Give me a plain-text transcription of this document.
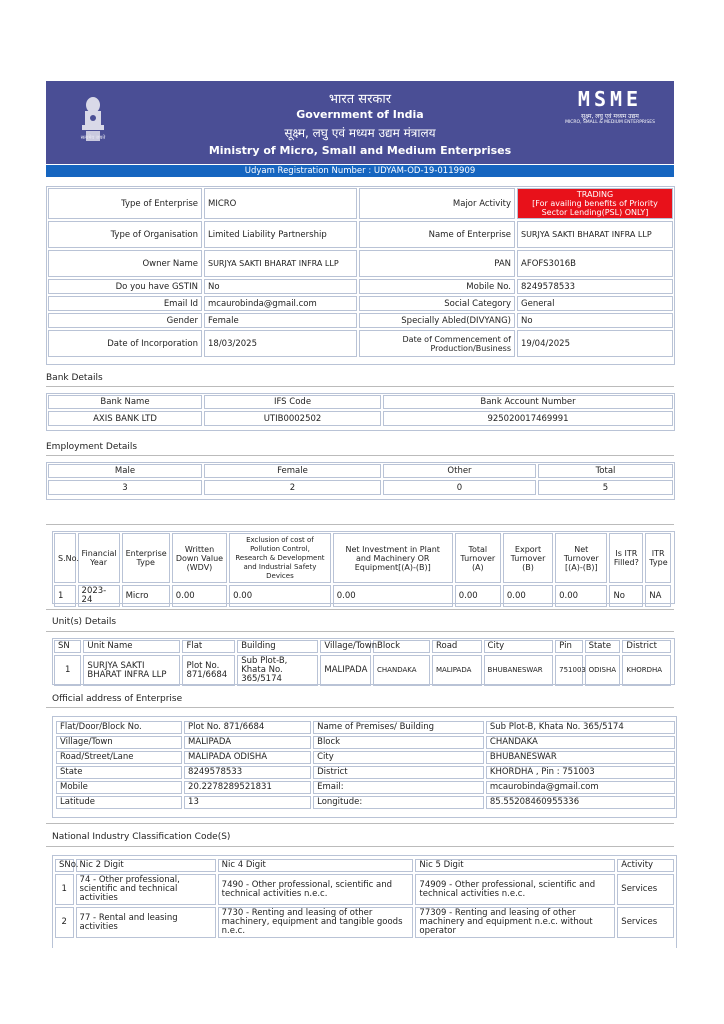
सत्यमेव जयते
भारत सरकार
Government of India
सूक्ष्म, लघु एवं मध्यम उद्यम मंत्रालय
Ministry of Micro, Small and Medium Enterprises
MSME
सूक्ष्म, लघु एवं मध्यम उद्यम
MICRO, SMALL & MEDIUM ENTERPRISES
Udyam Registration Number : UDYAM-OD-19-0119909
Type of Enterprise	MICRO	Major Activity	TRADING
[For availing benefits of Priority Sector Lending(PSL) ONLY]
Type of Organisation	Limited Liability Partnership	Name of Enterprise	SURJYA SAKTI BHARAT INFRA LLP
Owner Name	SURJYA SAKTI BHARAT INFRA LLP	PAN	AFOFS3016B
Do you have GSTIN	No	Mobile No.	8249578533
Email Id	mcaurobinda@gmail.com	Social Category	General
Gender	Female	Specially Abled(DIVYANG)	No
Date of Incorporation	18/03/2025	Date of Commencement of Production/Business	19/04/2025
Bank Details
Bank Name	IFS Code	Bank Account Number
AXIS BANK LTD	UTIB0002502	925020017469991
Employment Details
Male	Female	Other	Total
3	2	0	5
S.No.	Financial Year	Enterprise Type	Written Down Value (WDV)	Exclusion of cost of Pollution Control, Research & Development and Industrial Safety Devices	Net Investment in Plant and Machinery OR Equipment[(A)-(B)]	Total Turnover (A)	Export Turnover (B)	Net Turnover [(A)-(B)]	Is ITR Filled?	ITR Type
1	2023-24	Micro	0.00	0.00	0.00	0.00	0.00	0.00	No	NA
Unit(s) Details
SN	Unit Name	Flat	Building	Village/Town	Block	Road	City	Pin	State	District
1	SURJYA SAKTI BHARAT INFRA LLP	Plot No. 871/6684	Sub Plot-B, Khata No. 365/5174	MALIPADA	CHANDAKA	MALIPADA	BHUBANESWAR	751003	ODISHA	KHORDHA
Official address of Enterprise
Flat/Door/Block No.	Plot No. 871/6684	Name of Premises/ Building	Sub Plot-B, Khata No. 365/5174
Village/Town	MALIPADA	Block	CHANDAKA
Road/Street/Lane	MALIPADA ODISHA	City	BHUBANESWAR
State	8249578533	District	KHORDHA , Pin : 751003
Mobile	20.2278289521831	Email:	mcaurobinda@gmail.com
Latitude	13	Longitude:	85.55208460955336
National Industry Classification Code(S)
SNo.	Nic 2 Digit	Nic 4 Digit	Nic 5 Digit	Activity
1	74 - Other professional, scientific and technical activities	7490 - Other professional, scientific and technical activities n.e.c.	74909 - Other professional, scientific and technical activities n.e.c.	Services
2	77 - Rental and leasing activities	7730 - Renting and leasing of other machinery, equipment and tangible goods n.e.c.	77309 - Renting and leasing of other machinery and equipment n.e.c. without operator	Services
